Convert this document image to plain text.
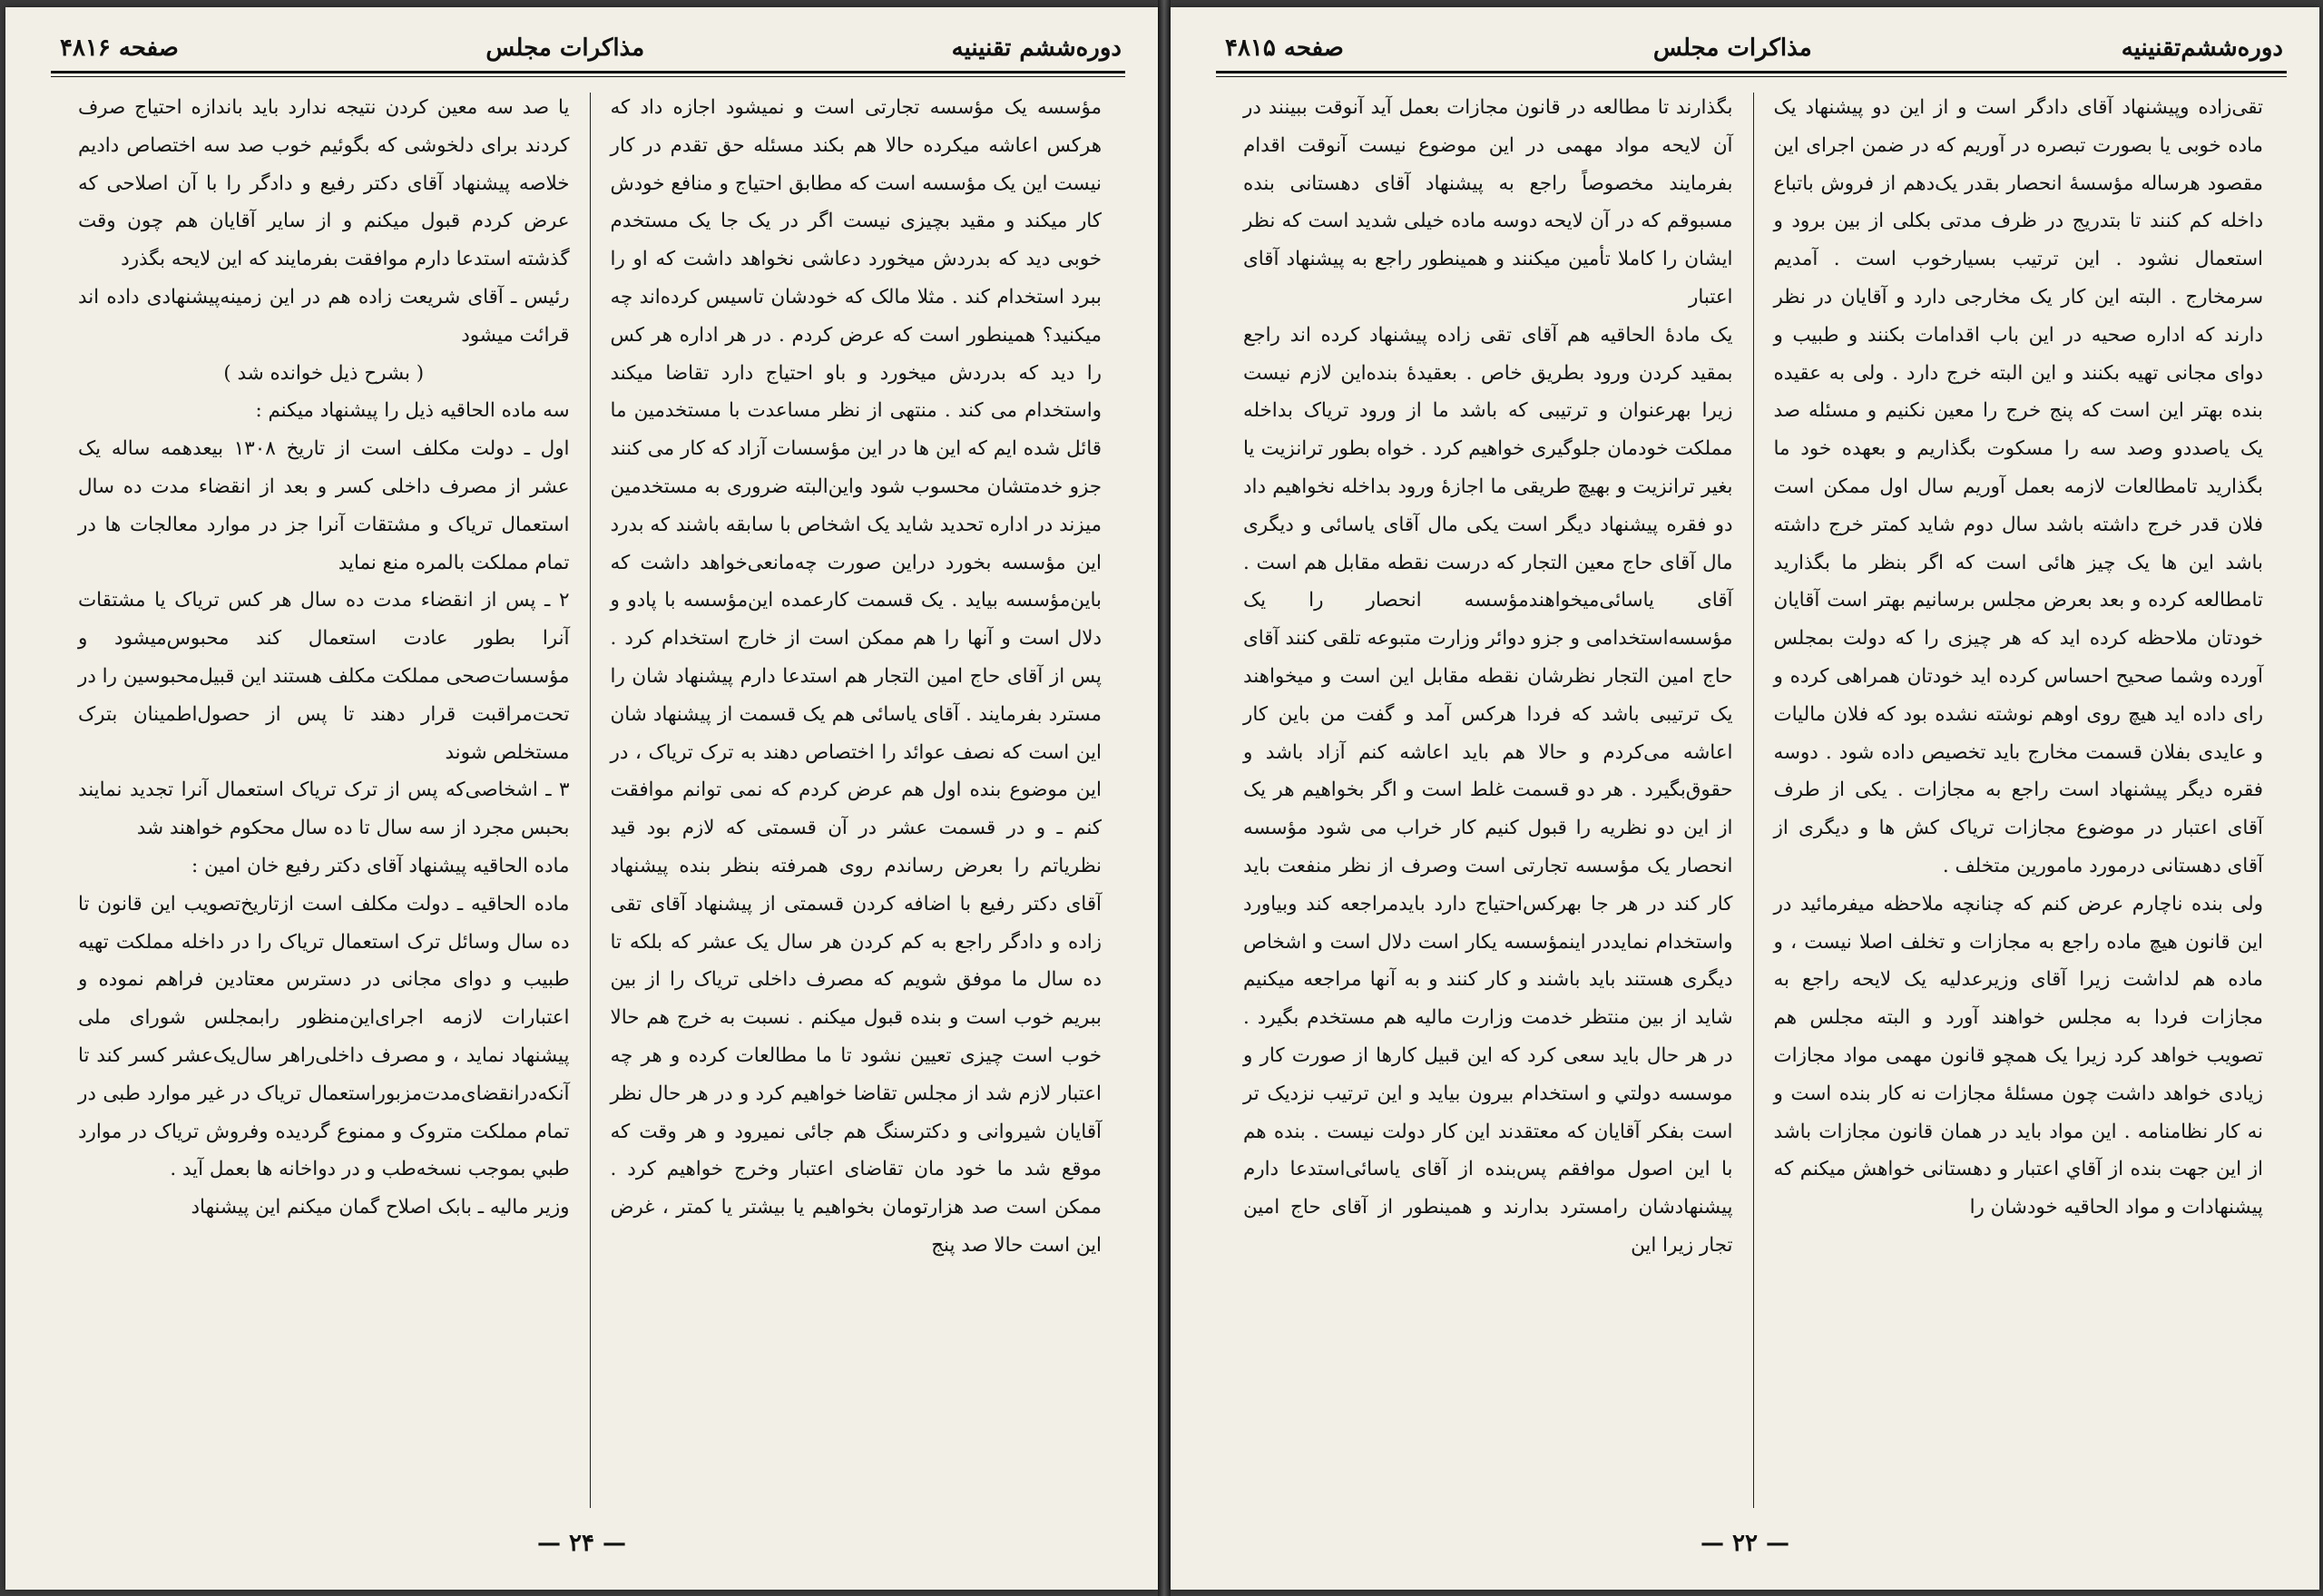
دوره‌ششم تقنینیه
مذاکرات مجلس
صفحه ۴۸۱۶

مؤسسه یک مؤسسه تجارتی است و نمیشود اجازه داد که هرکس اعاشه میکرده حالا هم بکند مسئله حق تقدم در کار نیست این یک مؤسسه است که مطابق احتیاج و منافع خودش کار میکند و مقید بچیزی نیست اگر در یک جا یک مستخدم خوبی دید که بدردش میخورد دعاشی نخواهد داشت که او را ببرد استخدام کند . مثلا مالک که خودشان تاسیس کرده‌اند چه میکنید؟ همینطور است که عرض کردم . در هر اداره هر کس را دید که بدردش میخورد و باو احتیاج دارد تقاضا میکند واستخدام می کند . منتهی از نظر مساعدت با مستخدمین ما قائل شده ایم که این ها در این مؤسسات آزاد که کار می کنند جزو خدمتشان محسوب شود واین‌البته ضروری به مستخدمین میزند در اداره تحدید شاید یک اشخاص با سابقه باشند که بدرد این مؤسسه بخورد دراین صورت چه‌مانعی‌خواهد داشت که باین‌مؤسسه بیاید . یک قسمت کارعمده این‌مؤسسه با پادو و دلال است و آنها را هم ممکن است از خارج استخدام کرد . پس از آقای حاج امین التجار هم استدعا دارم پیشنهاد شان را مسترد بفرمایند . آقای یاسائی هم یک قسمت از پیشنهاد شان این است که نصف عوائد را اختصاص دهند به ترک تریاک ، در این موضوع بنده اول هم عرض کردم که نمی توانم موافقت کنم ـ و در قسمت عشر در آن قسمتی که لازم بود قید نظریاتم را بعرض رساندم روی همرفته بنظر بنده پیشنهاد آقای دکتر رفیع با اضافه کردن قسمتی از پیشنهاد آقای تقی زاده و دادگر راجع به کم کردن هر سال یک عشر که بلکه تا ده سال ما موفق شویم که مصرف داخلی تریاک را از بین ببریم خوب است و بنده قبول میکنم . نسبت به خرج هم حالا خوب است چیزی تعیین نشود تا ما مطالعات کرده و هر چه اعتبار لازم شد از مجلس تقاضا خواهیم کرد و در هر حال نظر آقایان شیروانی و دکترسنگ هم جائی نمیرود و هر وقت که موقع شد ما خود مان تقاضای اعتبار وخرج خواهیم کرد . ممکن است صد هزارتومان بخواهیم یا بیشتر یا کمتر ، غرض این است حالا صد پنج

یا صد سه معین کردن نتیجه ندارد باید باندازه احتیاج صرف کردند برای دلخوشی که بگوئیم خوب صد سه اختصاص دادیم خلاصه پیشنهاد آقای دکتر رفیع و دادگر را با آن اصلاحی که عرض کردم قبول میکنم و از سایر آقایان هم چون وقت گذشته استدعا دارم موافقت بفرمایند که این لایحه بگذرد

رئیس ـ آقای شریعت زاده هم در این زمینه‌پیشنهادی داده اند قرائت میشود

( بشرح ذیل خوانده شد )

سه ماده الحاقیه ذیل را پیشنهاد میکنم :

اول ـ دولت مکلف است از تاریخ ۱۳۰۸ بیعدهمه ساله یک عشر از مصرف داخلی کسر و بعد از انقضاء مدت ده سال استعمال تریاک و مشتقات آنرا جز در موارد معالجات ها در تمام مملکت بالمره منع نماید

۲ ـ پس از انقضاء مدت ده سال هر کس تریاک یا مشتقات آنرا بطور عادت استعمال کند محبوس‌میشود و مؤسسات‌صحی مملکت مکلف هستند این قبیل‌محبوسین را در تحت‌مراقبت قرار دهند تا پس از حصول‌اطمینان بترک مستخلص شوند

۳ ـ اشخاصی‌که پس از ترک تریاک استعمال آنرا تجدید نمایند بحبس مجرد از سه سال تا ده سال محکوم خواهند شد

ماده الحاقیه پیشنهاد آقای دکتر رفیع خان امین :

ماده الحاقیه ـ دولت مکلف است ازتاریخ‌تصویب این قانون تا ده سال وسائل ترک استعمال تریاک را در داخله مملکت تهیه طبیب و دوای مجانی در دسترس معتادین فراهم نموده و اعتبارات لازمه اجرای‌این‌منظور رابمجلس شورای ملی پیشنهاد نماید ، و مصرف داخلی‌راهر سال‌یک‌عشر کسر کند تا آنکه‌درانقضای‌مدت‌مزبوراستعمال تریاک در غیر موارد طبی در تمام مملکت متروک و ممنوع گردیده وفروش تریاک در موارد طبي بموجب نسخه‌طب و در دواخانه ها بعمل آید .

وزیر مالیه ـ بابک اصلاح گمان میکنم این پیشنهاد

— ۲۴ —
دوره‌ششم‌تقنینیه
مذاکرات مجلس
صفحه ۴۸۱۵

تقی‌زاده وپیشنهاد آقای دادگر است و از این دو پیشنهاد یک ماده خوبی یا بصورت تبصره در آوریم که در ضمن اجرای این مقصود هرساله مؤسسهٔ انحصار بقدر یک‌دهم از فروش باتباع داخله کم کنند تا بتدریج در ظرف مدتی بکلی از بین برود و استعمال نشود . این ترتیب بسیارخوب است . آمدیم سرمخارج . البته این کار یک مخارجی دارد و آقایان در نظر دارند که اداره صحیه در این باب اقدامات بکنند و طبیب و دوای مجانی تهیه بکنند و این البته خرج دارد . ولی به عقیده بنده بهتر این است که پنج خرج را معین نکنیم و مسئله صد یک یاصد‌دو وصد سه را مسکوت بگذاریم و بعهده خود ما بگذارید تامطالعات لازمه بعمل آوریم سال اول ممکن است فلان قدر خرج داشته باشد سال دوم شاید کمتر خرج داشته باشد این ها یک چیز هائی است که اگر بنظر ما بگذارید تامطالعه کرده و بعد بعرض مجلس برسانیم بهتر است آقایان خودتان ملاحظه کرده اید که هر چیزی را که دولت بمجلس آورده وشما صحیح احساس کرده اید خودتان همراهی کرده و رای داده اید هیچ روی اوهم نوشته نشده بود که فلان مالیات و عایدی بفلان قسمت مخارج باید تخصیص داده شود . دوسه فقره دیگر پیشنهاد است راجع به مجازات . یکی از طرف آقای اعتبار در موضوع مجازات تریاک کش ها و دیگری از آقای دهستانی درمورد مامورین متخلف .

ولی بنده ناچارم عرض کنم که چنانچه ملاحظه میفرمائید در این قانون هیچ ماده راجع به مجازات و تخلف اصلا نیست ، و ماده هم لداشت زیرا آقای وزیرعدلیه یک لایحه راجع به مجازات فردا به مجلس خواهند آورد و البته مجلس هم تصویب خواهد کرد زیرا یک همچو قانون مهمی مواد مجازات زیادی خواهد داشت چون مسئلهٔ مجازات نه کار بنده است و نه کار نظامنامه . این مواد باید در همان قانون مجازات باشد از این جهت بنده از آقاي اعتبار و دهستانی خواهش میکنم که پیشنهادات و مواد الحاقیه خودشان را

بگذارند تا مطالعه در قانون مجازات بعمل آید آنوقت ببینند در آن لایحه مواد مهمی در این موضوع نیست آنوقت اقدام بفرمایند مخصوصاً راجع به پیشنهاد آقای دهستانی بنده مسبوقم که در آن لایحه دوسه ماده خیلی شدید است که نظر ایشان را کاملا تأمین میکنند و همینطور راجع به پیشنهاد آقای اعتبار

یک مادهٔ الحاقیه هم آقای تقی زاده پیشنهاد کرده اند راجع بمقید کردن ورود بطریق خاص . بعقیدهٔ بنده‌این لازم نیست زیرا بهرعنوان و ترتیبی که باشد ما از ورود تریاک بداخله مملکت خودمان جلوگیری خواهیم کرد . خواه بطور ترانزیت یا بغیر ترانزیت و بهیچ طریقی ما اجازهٔ ورود بداخله نخواهیم داد دو فقره پیشنهاد دیگر است یکی مال آقای یاسائی و دیگری مال آقای حاج معین التجار که درست نقطه مقابل هم است . آقای یاسائی‌میخواهندمؤسسه انحصار را یک مؤسسه‌استخدامی و جزو دوائر وزارت متبوعه تلقی کنند آقای حاج امین التجار نظرشان نقطه مقابل این است و میخواهند یک ترتیبی باشد که فردا هرکس آمد و گفت من باین کار اعاشه می‌کردم و حالا هم باید اعاشه کنم آزاد باشد و حقوق‌بگیرد . هر دو قسمت غلط است و اگر بخواهیم هر یک از این دو نظریه را قبول کنیم کار خراب می شود مؤسسه انحصار یک مؤسسه تجارتی است وصرف از نظر منفعت باید کار کند در هر جا بهرکس‌احتیاج دارد باید‌مراجعه کند وبیاورد واستخدام نمایددر اینمؤسسه یکار است دلال است و اشخاص دیگری هستند باید باشند و کار کنند و به آنها مراجعه میکنیم شاید از بین منتظر خدمت وزارت مالیه هم مستخدم بگیرد . در هر حال باید سعی کرد که این قبیل کارها از صورت کار و موسسه دولتي و استخدام بیرون بیاید و این ترتیب نزدیک تر است بفکر آقایان که معتقدند این کار دولت نیست . بنده هم با این اصول موافقم پس‌بنده از آقای یاسائی‌استدعا دارم پیشنهادشان رامسترد بدارند و همینطور از آقای حاج امین تجار زیرا این

— ۲۲ —
